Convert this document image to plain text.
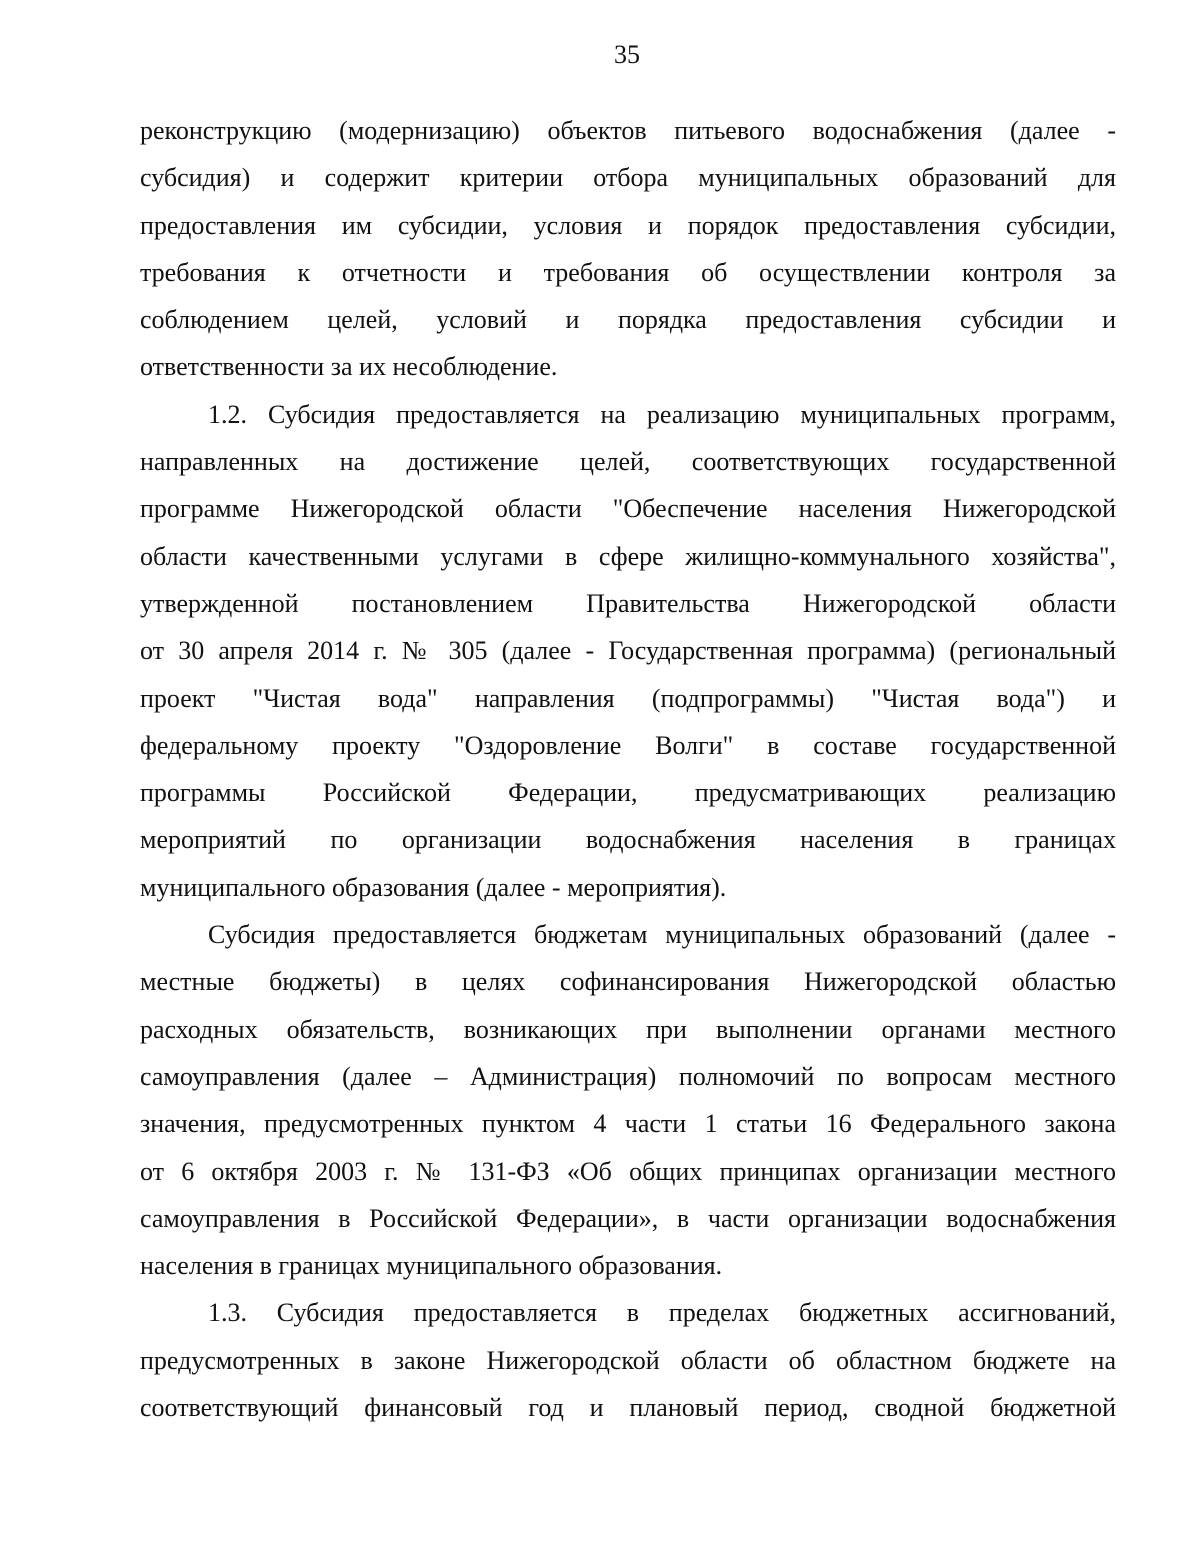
35
реконструкцию (модернизацию) объектов питьевого водоснабжения (далее -
субсидия) и содержит критерии отбора муниципальных образований для
предоставления им субсидии, условия и порядок предоставления субсидии,
требования к отчетности и требования об осуществлении контроля за
соблюдением целей, условий и порядка предоставления субсидии и
ответственности за их несоблюдение.
1.2. Субсидия предоставляется на реализацию муниципальных программ,
направленных на достижение целей, соответствующих государственной
программе Нижегородской области "Обеспечение населения Нижегородской
области качественными услугами в сфере жилищно-коммунального хозяйства",
утвержденной постановлением Правительства Нижегородской области
от 30 апреля 2014 г. № 305 (далее - Государственная программа) (региональный
проект "Чистая вода" направления (подпрограммы) "Чистая вода") и
федеральному проекту "Оздоровление Волги" в составе государственной
программы Российской Федерации, предусматривающих реализацию
мероприятий по организации водоснабжения населения в границах
муниципального образования (далее - мероприятия).
Субсидия предоставляется бюджетам муниципальных образований (далее -
местные бюджеты) в целях софинансирования Нижегородской областью
расходных обязательств, возникающих при выполнении органами местного
самоуправления (далее – Администрация) полномочий по вопросам местного
значения, предусмотренных пунктом 4 части 1 статьи 16 Федерального закона
от 6 октября 2003 г. № 131-ФЗ «Об общих принципах организации местного
самоуправления в Российской Федерации», в части организации водоснабжения
населения в границах муниципального образования.
1.3. Субсидия предоставляется в пределах бюджетных ассигнований,
предусмотренных в законе Нижегородской области об областном бюджете на
соответствующий финансовый год и плановый период, сводной бюджетной
